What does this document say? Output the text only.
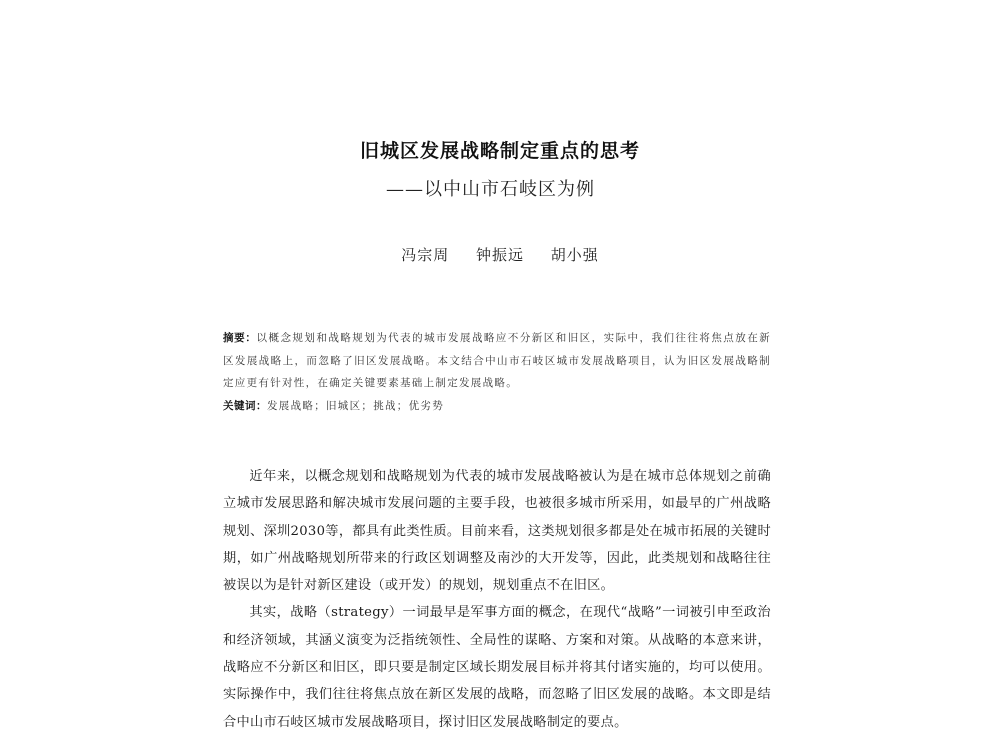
旧城区发展战略制定重点的思考
——以中山市石岐区为例
冯宗周 钟振远 胡小强
摘要：以概念规划和战略规划为代表的城市发展战略应不分新区和旧区，实际中，我们往往将焦点放在新区发展战略上，而忽略了旧区发展战略。本文结合中山市石岐区城市发展战略项目，认为旧区发展战略制定应更有针对性，在确定关键要素基础上制定发展战略。
关键词：发展战略；旧城区；挑战；优劣势

近年来，以概念规划和战略规划为代表的城市发展战略被认为是在城市总体规划之前确立城市发展思路和解决城市发展问题的主要手段，也被很多城市所采用，如最早的广州战略规划、深圳2030等，都具有此类性质。目前来看，这类规划很多都是处在城市拓展的关键时期，如广州战略规划所带来的行政区划调整及南沙的大开发等，因此，此类规划和战略往往被误以为是针对新区建设（或开发）的规划，规划重点不在旧区。

其实，战略（strategy）一词最早是军事方面的概念，在现代“战略”一词被引申至政治和经济领域，其涵义演变为泛指统领性、全局性的谋略、方案和对策。从战略的本意来讲，战略应不分新区和旧区，即只要是制定区域长期发展目标并将其付诸实施的，均可以使用。实际操作中，我们往往将焦点放在新区发展的战略，而忽略了旧区发展的战略。本文即是结合中山市石岐区城市发展战略项目，探讨旧区发展战略制定的要点。
